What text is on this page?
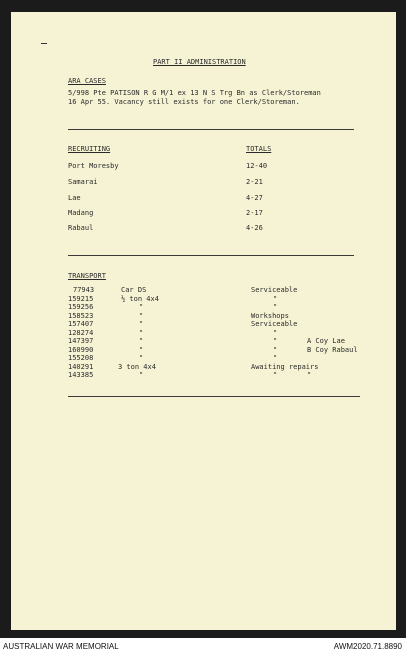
PART II ADMINISTRATION
ARA CASES
5/998 Pte PATISON R G M/1 ex 13 N S Trg Bn as Clerk/Storeman
16 Apr 55. Vacancy still exists for one Clerk/Storeman.
RECRUITING	TOTALS
Port Moresby	12-40
Samarai	2-21
Lae	4-27
Madang	2-17
Rabaul	4-26
TRANSPORT
77943	Car DS	Serviceable
159215	½ ton 4x4	"
159256	"	"
158523	"	Workshops
157407	"	Serviceable
128274	"	"
147397	"	"	A Coy Lae
160990	"	"	B Coy Rabaul
155208	"	"
140291	3 ton 4x4	Awaiting repairs
143385	"	"	"
AUSTRALIAN WAR MEMORIAL	AWM2020.71.8890
